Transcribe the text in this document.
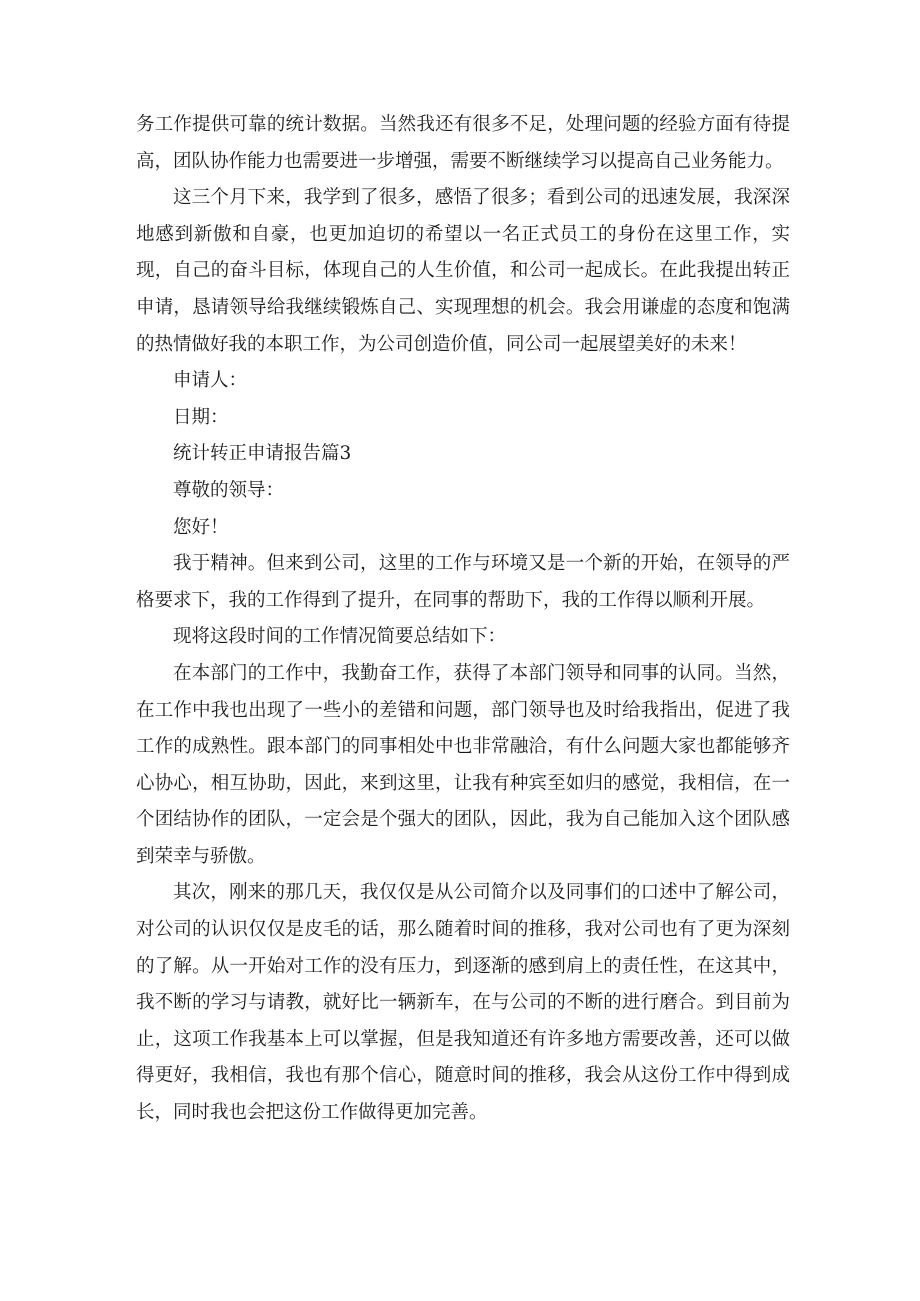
务工作提供可靠的统计数据。当然我还有很多不足，处理问题的经验方面有待提高，团队协作能力也需要进一步增强，需要不断继续学习以提高自己业务能力。

这三个月下来，我学到了很多，感悟了很多；看到公司的迅速发展，我深深地感到新傲和自豪，也更加迫切的希望以一名正式员工的身份在这里工作，实现，自己的奋斗目标，体现自己的人生价值，和公司一起成长。在此我提出转正申请，恳请领导给我继续锻炼自己、实现理想的机会。我会用谦虚的态度和饱满的热情做好我的本职工作，为公司创造价值，同公司一起展望美好的未来！

申请人：

日期：

统计转正申请报告篇3

尊敬的领导：

您好！

我于精神。但来到公司，这里的工作与环境又是一个新的开始，在领导的严格要求下，我的工作得到了提升，在同事的帮助下，我的工作得以顺利开展。

现将这段时间的工作情况简要总结如下：

在本部门的工作中，我勤奋工作，获得了本部门领导和同事的认同。当然，在工作中我也出现了一些小的差错和问题，部门领导也及时给我指出，促进了我工作的成熟性。跟本部门的同事相处中也非常融洽，有什么问题大家也都能够齐心协心，相互协助，因此，来到这里，让我有种宾至如归的感觉，我相信，在一个团结协作的团队，一定会是个强大的团队，因此，我为自己能加入这个团队感到荣幸与骄傲。

其次，刚来的那几天，我仅仅是从公司简介以及同事们的口述中了解公司，对公司的认识仅仅是皮毛的话，那么随着时间的推移，我对公司也有了更为深刻的了解。从一开始对工作的没有压力，到逐渐的感到肩上的责任性，在这其中，我不断的学习与请教，就好比一辆新车，在与公司的不断的进行磨合。到目前为止，这项工作我基本上可以掌握，但是我知道还有许多地方需要改善，还可以做得更好，我相信，我也有那个信心，随意时间的推移，我会从这份工作中得到成长，同时我也会把这份工作做得更加完善。
